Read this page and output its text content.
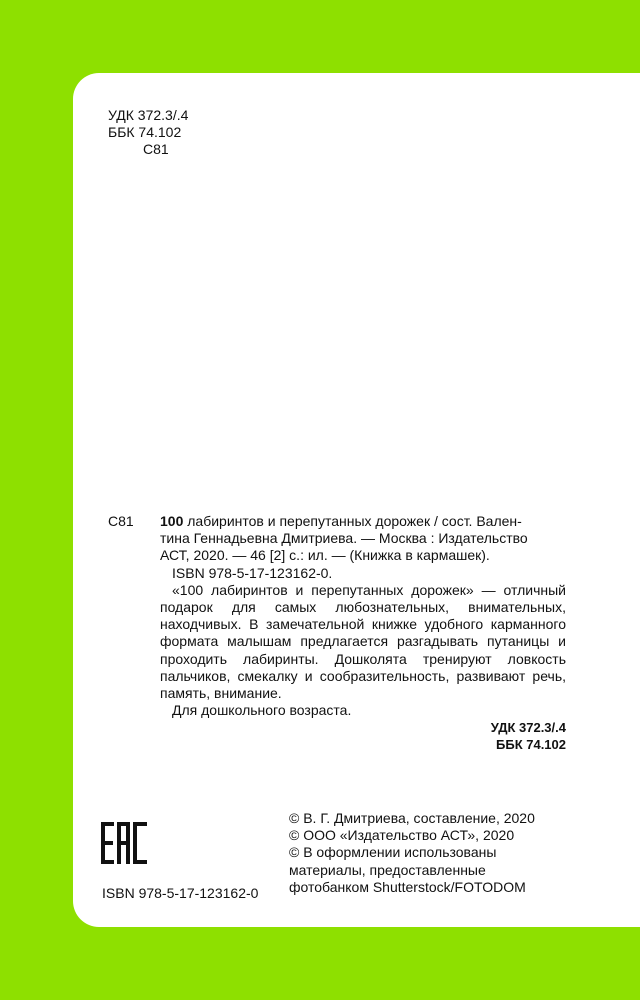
УДК 372.3/.4

ББК 74.102

С81

С81 100 лабиринтов и перепутанных дорожек / сост. Вален-

тина Геннадьевна Дмитриева. — Москва : Издательство

АСТ, 2020. — 46 [2] с.: ил. — (Книжка в кармашек).

ISBN 978-5-17-123162-0.

«100 лабиринтов и перепутанных дорожек» — отличный подарок для самых любознательных, внимательных, находчивых. В замечательной книжке удобного карманного формата малышам предлагается разгадывать путаницы и проходить лабиринты. Дошколята тренируют ловкость пальчиков, смекалку и сообразительность, развивают речь, память, внимание.

Для дошкольного возраста.

УДК 372.3/.4

ББК 74.102

ISBN 978-5-17-123162-0

© В. Г. Дмитриева, составление, 2020

© ООО «Издательство АСТ», 2020

© В оформлении использованы

материалы, предоставленные

фотобанком Shutterstock/FOTODOM
